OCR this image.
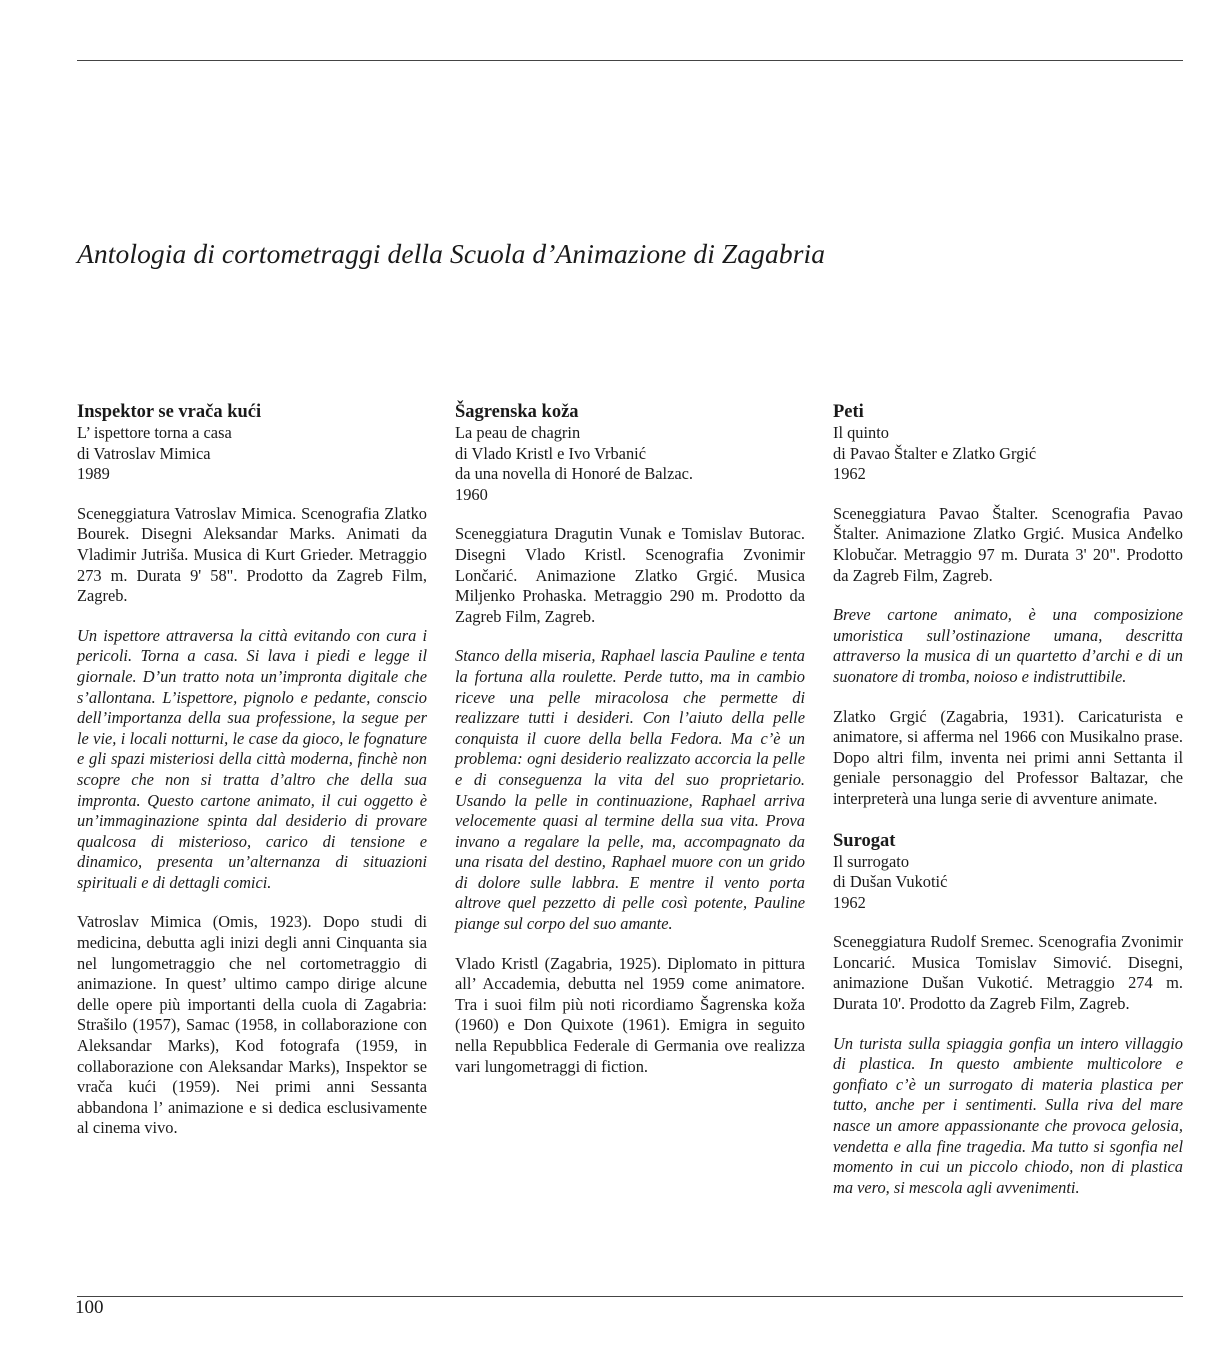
Antologia di cortometraggi della Scuola d’Animazione di Zagabria
Inspektor se vrača kući
L’ ispettore torna a casa
di Vatroslav Mimica
1989

Sceneggiatura Vatroslav Mimica. Scenografia Zlatko Bourek. Disegni Aleksandar Marks. Animati da Vladimir Jutriša. Musica di Kurt Grieder. Metraggio 273 m. Durata 9' 58". Prodotto da Zagreb Film, Zagreb.

Un ispettore attraversa la città evitando con cura i pericoli. Torna a casa. Si lava i piedi e legge il giornale. D’un tratto nota un’impronta digitale che s’allontana. L’ispettore, pignolo e pedante, conscio dell’importanza della sua professione, la segue per le vie, i locali notturni, le case da gioco, le fognature e gli spazi misteriosi della città moderna, finchè non scopre che non si tratta d’altro che della sua impronta. Questo cartone animato, il cui oggetto è un’immaginazione spinta dal desiderio di provare qualcosa di misterioso, carico di tensione e dinamico, presenta un’alternanza di situazioni spirituali e di dettagli comici.

Vatroslav Mimica (Omis, 1923). Dopo studi di medicina, debutta agli inizi degli anni Cinquanta sia nel lungometraggio che nel cortometraggio di animazione. In quest’ ultimo campo dirige alcune delle opere più importanti della cuola di Zagabria: Strašilo (1957), Samac (1958, in collaborazione con Aleksandar Marks), Kod fotografa (1959, in collaborazione con Aleksandar Marks), Inspektor se vrača kući (1959). Nei primi anni Sessanta abbandona l’ animazione e si dedica esclusivamente al cinema vivo.

Šagrenska koža
La peau de chagrin
di Vlado Kristl e Ivo Vrbanić
da una novella di Honoré de Balzac.
1960

Sceneggiatura Dragutin Vunak e Tomislav Butorac. Disegni Vlado Kristl. Scenografia Zvonimir Lončarić. Animazione Zlatko Grgić. Musica Miljenko Prohaska. Metraggio 290 m. Prodotto da Zagreb Film, Zagreb.

Stanco della miseria, Raphael lascia Pauline e tenta la fortuna alla roulette. Perde tutto, ma in cambio riceve una pelle miracolosa che permette di realizzare tutti i desideri. Con l’aiuto della pelle conquista il cuore della bella Fedora. Ma c’è un problema: ogni desiderio realizzato accorcia la pelle e di conseguenza la vita del suo proprietario. Usando la pelle in continuazione, Raphael arriva velocemente quasi al termine della sua vita. Prova invano a regalare la pelle, ma, accompagnato da una risata del destino, Raphael muore con un grido di dolore sulle labbra. E mentre il vento porta altrove quel pezzetto di pelle così potente, Pauline piange sul corpo del suo amante.

Vlado Kristl (Zagabria, 1925). Diplomato in pittura all’ Accademia, debutta nel 1959 come animatore. Tra i suoi film più noti ricordiamo Šagrenska koža (1960) e Don Quixote (1961). Emigra in seguito nella Repubblica Federale di Germania ove realizza vari lungometraggi di fiction.

Peti
Il quinto
di Pavao Štalter e Zlatko Grgić
1962

Sceneggiatura Pavao Štalter. Scenografia Pavao Štalter. Animazione Zlatko Grgić. Musica Anđelko Klobučar. Metraggio 97 m. Durata 3' 20". Prodotto da Zagreb Film, Zagreb.

Breve cartone animato, è una composizione umoristica sull’ostinazione umana, descritta attraverso la musica di un quartetto d’archi e di un suonatore di tromba, noioso e indistruttibile.

Zlatko Grgić (Zagabria, 1931). Caricaturista e animatore, si afferma nel 1966 con Musikalno prase. Dopo altri film, inventa nei primi anni Settanta il geniale personaggio del Professor Baltazar, che interpreterà una lunga serie di avventure animate.

Surogat
Il surrogato
di Dušan Vukotić
1962

Sceneggiatura Rudolf Sremec. Scenografia Zvonimir Loncarić. Musica Tomislav Simović. Disegni, animazione Dušan Vukotić. Metraggio 274 m. Durata 10'. Prodotto da Zagreb Film, Zagreb.

Un turista sulla spiaggia gonfia un intero villaggio di plastica. In questo ambiente multicolore e gonfiato c’è un surrogato di materia plastica per tutto, anche per i sentimenti. Sulla riva del mare nasce un amore appassionante che provoca gelosia, vendetta e alla fine tragedia. Ma tutto si sgonfia nel momento in cui un piccolo chiodo, non di plastica ma vero, si mescola agli avvenimenti.

100
